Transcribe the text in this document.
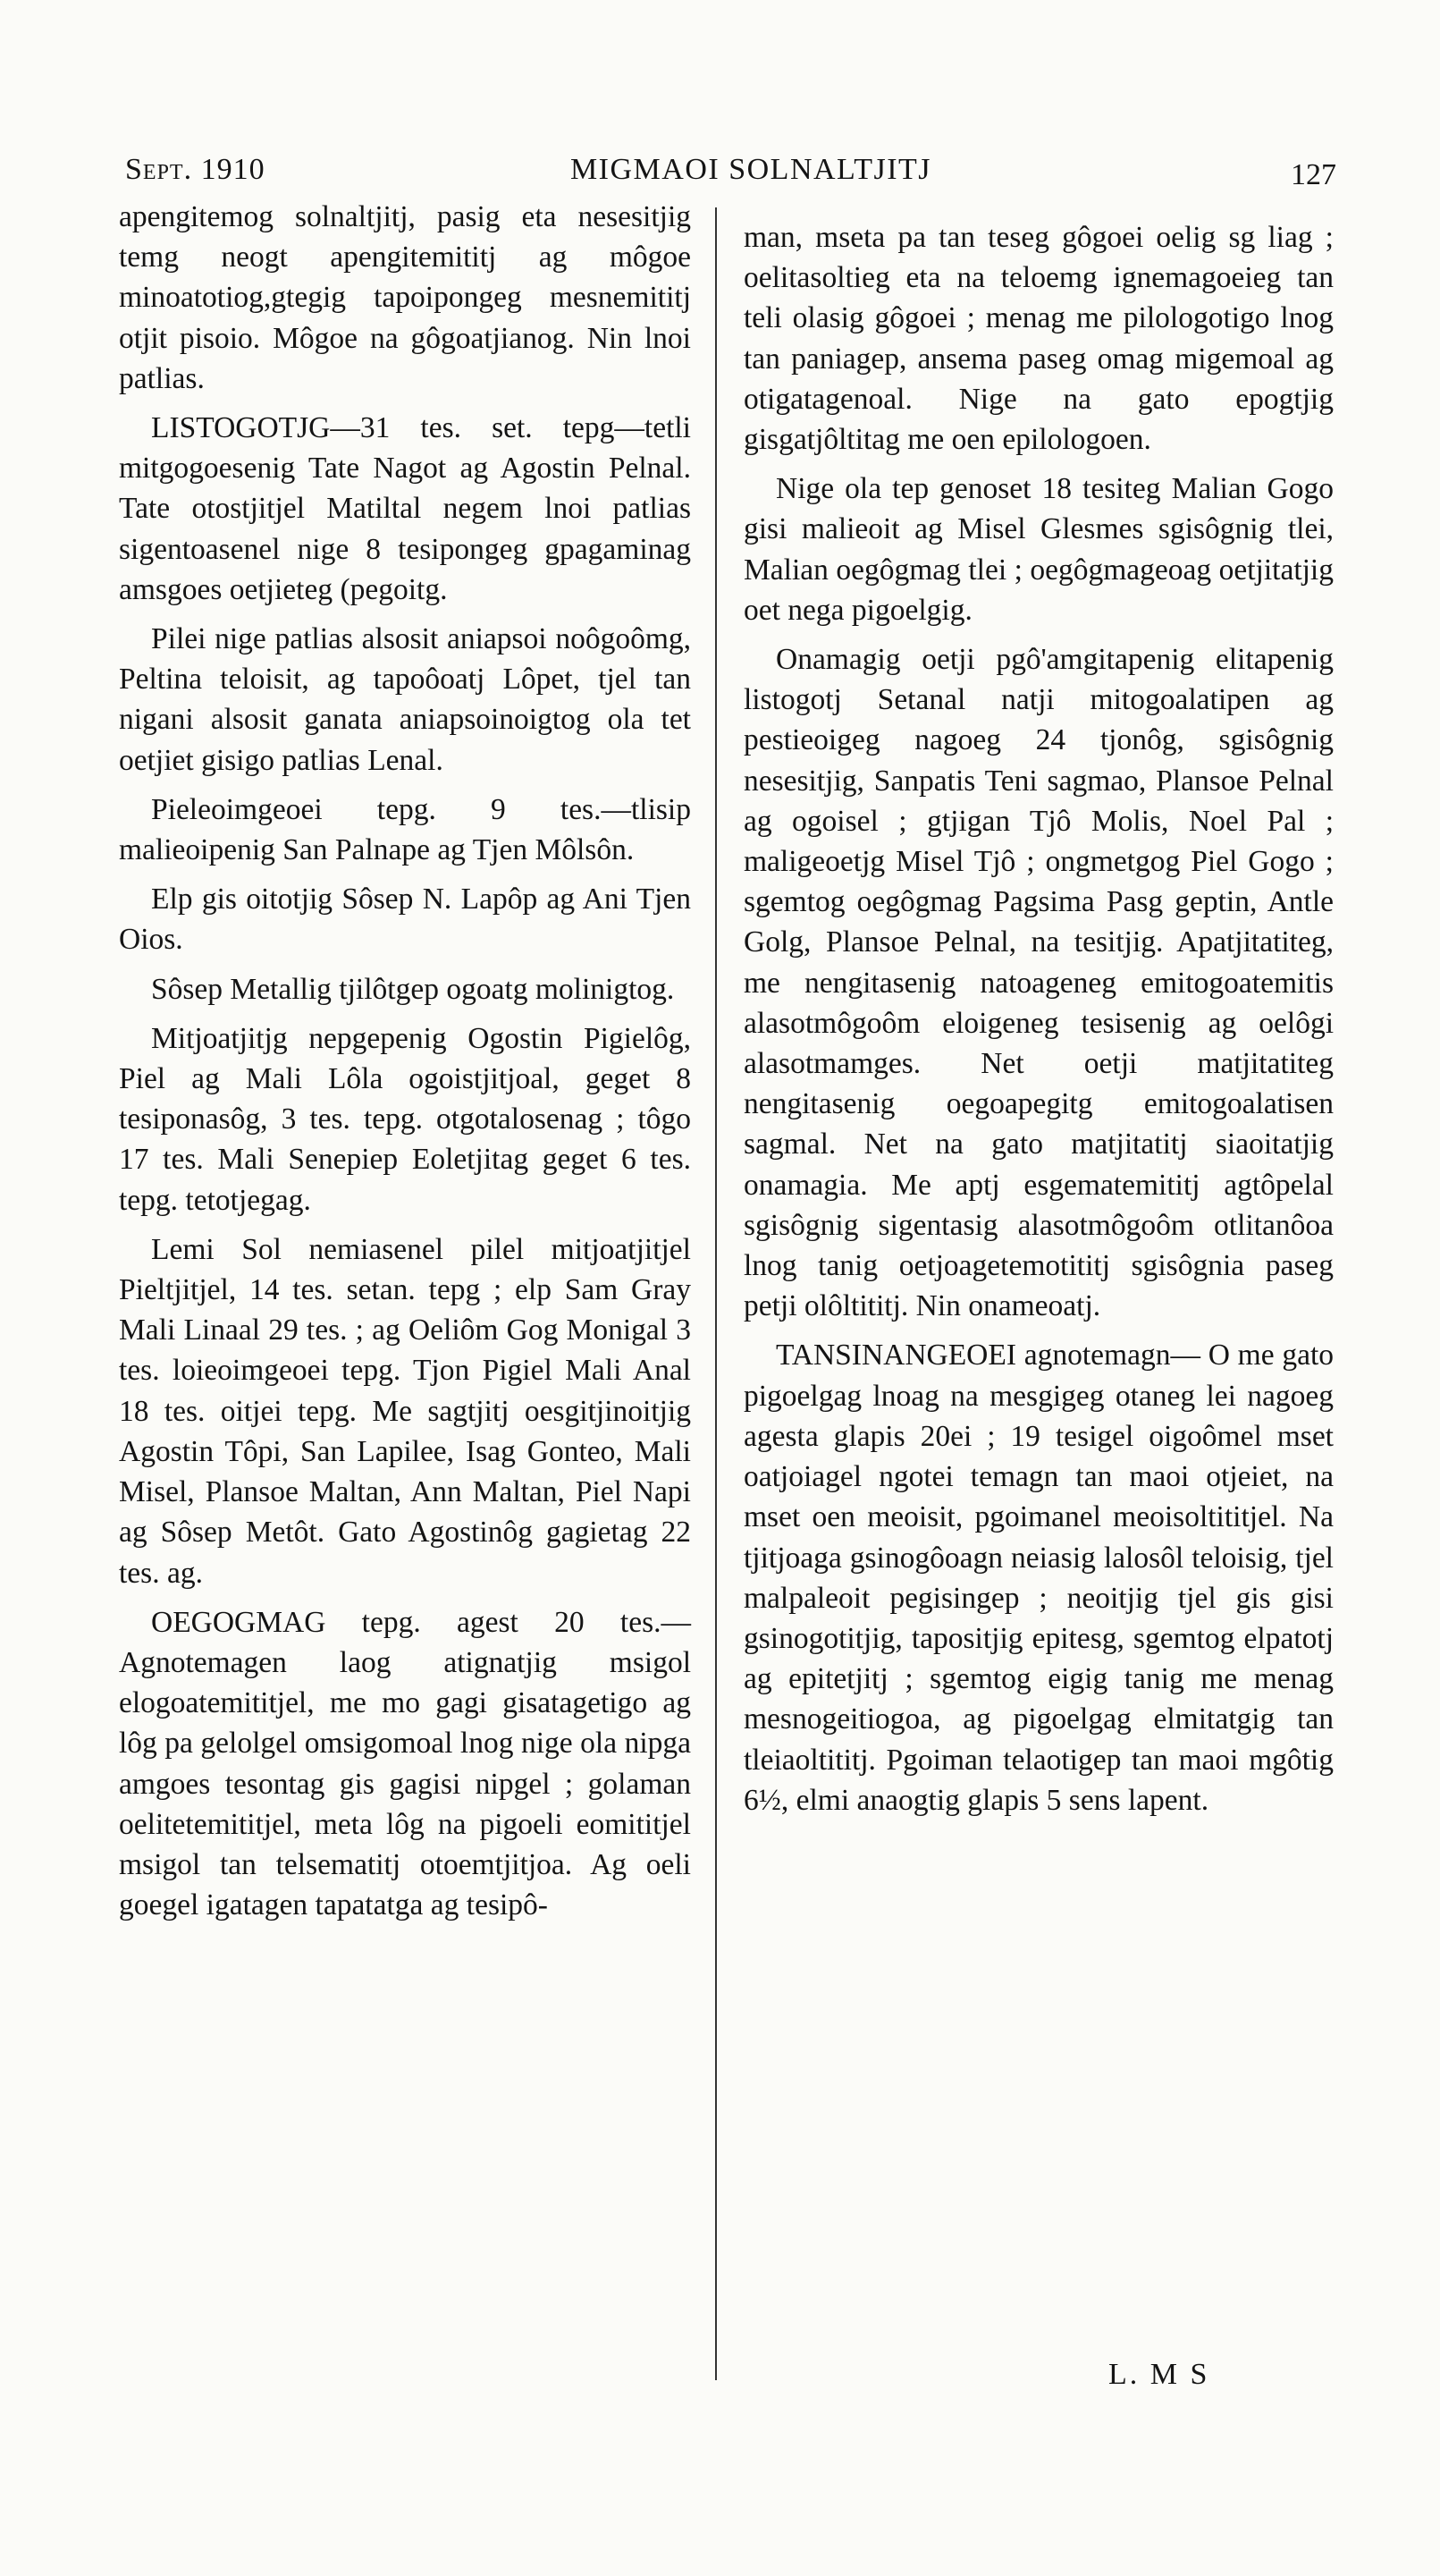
Sept. 1910	MIGMAOI SOLNALTJITJ	127

apengitemog solnaltjitj, pasig eta nesesitjig temg neogt apengitemititj ag môgoe minoatotiog,gtegig tapoipongeg mesnemititj otjit pisoio. Môgoe na gôgoatjianog. Nin lnoi patlias.

LISTOGOTJG—31 tes. set. tepg—tetli mitgogoesenig Tate Nagot ag Agostin Pelnal. Tate otostjitjel Matiltal negem lnoi patlias sigentoasenel nige 8 tesipongeg gpagaminag amsgoes oetjieteg (pegoitg.

Pilei nige patlias alsosit aniapsoi noôgoômg, Peltina teloisit, ag tapoôoatj Lôpet, tjel tan nigani alsosit ganata aniapsoinoigtog ola tet oetjiet gisigo patlias Lenal.

Pieleoimgeoei tepg. 9 tes.—tlisip malieoipenig San Palnape ag Tjen Môlsôn.

Elp gis oitotjig Sôsep N. Lapôp ag Ani Tjen Oios.

Sôsep Metallig tjilôtgep ogoatg molinigtog.

Mitjoatjitjg nepgepenig Ogostin Pigielôg, Piel ag Mali Lôla ogoistjitjoal, geget 8 tesiponasôg, 3 tes. tepg. otgotalosenag ; tôgo 17 tes. Mali Senepiep Eoletjitag geget 6 tes. tepg. tetotjegag.

Lemi Sol nemiasenel pilel mitjoatjitjel Pieltjitjel, 14 tes. setan. tepg ; elp Sam Gray Mali Linaal 29 tes. ; ag Oeliôm Gog Monigal 3 tes. loieoimgeoei tepg. Tjon Pigiel Mali Anal 18 tes. oitjei tepg. Me sagtjitj oesgitjinoitjig Agostin Tôpi, San Lapilee, Isag Gonteo, Mali Misel, Plansoe Maltan, Ann Maltan, Piel Napi ag Sôsep Metôt. Gato Agostinôg gagietag 22 tes. ag.

OEGOGMAG tepg. agest 20 tes.— Agnotemagen laog atignatjig msigol elogoatemititjel, me mo gagi gisatagetigo ag lôg pa gelolgel omsigomoal lnog nige ola nipga amgoes tesontag gis gagisi nipgel ; golaman oelitetemititjel, meta lôg na pigoeli eomititjel msigol tan telsematitj otoemtjitjoa. Ag oeli goegel igatagen tapatatga ag tesipô-

man, mseta pa tan teseg gôgoei oelig sg liag ; oelitasoltieg eta na teloemg ignemagoeieg tan teli olasig gôgoei ; menag me pilologotigo lnog tan paniagep, ansema paseg omag migemoal ag otigatagenoal. Nige na gato epogtjig gisgatjôltitag me oen epilologoen.

Nige ola tep genoset 18 tesiteg Malian Gogo gisi malieoit ag Misel Glesmes sgisôgnig tlei, Malian oegôgmag tlei ; oegôgmageoag oetjitatjig oet nega pigoelgig.

Onamagig oetji pgô'amgitapenig elitapenig listogotj Setanal natji mitogoalatipen ag pestieoigeg nagoeg 24 tjonôg, sgisôgnig nesesitjig, Sanpatis Teni sagmao, Plansoe Pelnal ag ogoisel ; gtjigan Tjô Molis, Noel Pal ; maligeoetjg Misel Tjô ; ongmetgog Piel Gogo ; sgemtog oegôgmag Pagsima Pasg geptin, Antle Golg, Plansoe Pelnal, na tesitjig. Apatjitatiteg, me nengitasenig natoageneg emitogoatemitis alasotmôgoôm eloigeneg tesisenig ag oelôgi alasotmamges. Net oetji matjitatiteg nengitasenig oegoapegitg emitogoalatisen sagmal. Net na gato matjitatitj siaoitatjig onamagia. Me aptj esgematemititj agtôpelal sgisôgnig sigentasig alasotmôgoôm otlitanôoa lnog tanig oetjoagetemotititj sgisôgnia paseg petji olôltititj. Nin onameoatj.

TANSINANGEOEI agnotemagn— O me gato pigoelgag lnoag na mesgigeg otaneg lei nagoeg agesta glapis 20ei ; 19 tesigel oigoômel mset oatjoiagel ngotei temagn tan maoi otjeiet, na mset oen meoisit, pgoimanel meoisoltititjel. Na tjitjoaga gsinogôoagn neiasig lalosôl teloisig, tjel malpaleoit pegisingep ; neoitjig tjel gis gisi gsinogotitjig, tapositjig epitesg, sgemtog elpatotj ag epitetjitj ; sgemtog eigig tanig me menag mesnogeitiogoa, ag pigoelgag elmitatgig tan tleiaoltititj. Pgoiman telaotigep tan maoi mgôtig 6½, elmi anaogtig glapis 5 sens lapent.

L. M S
